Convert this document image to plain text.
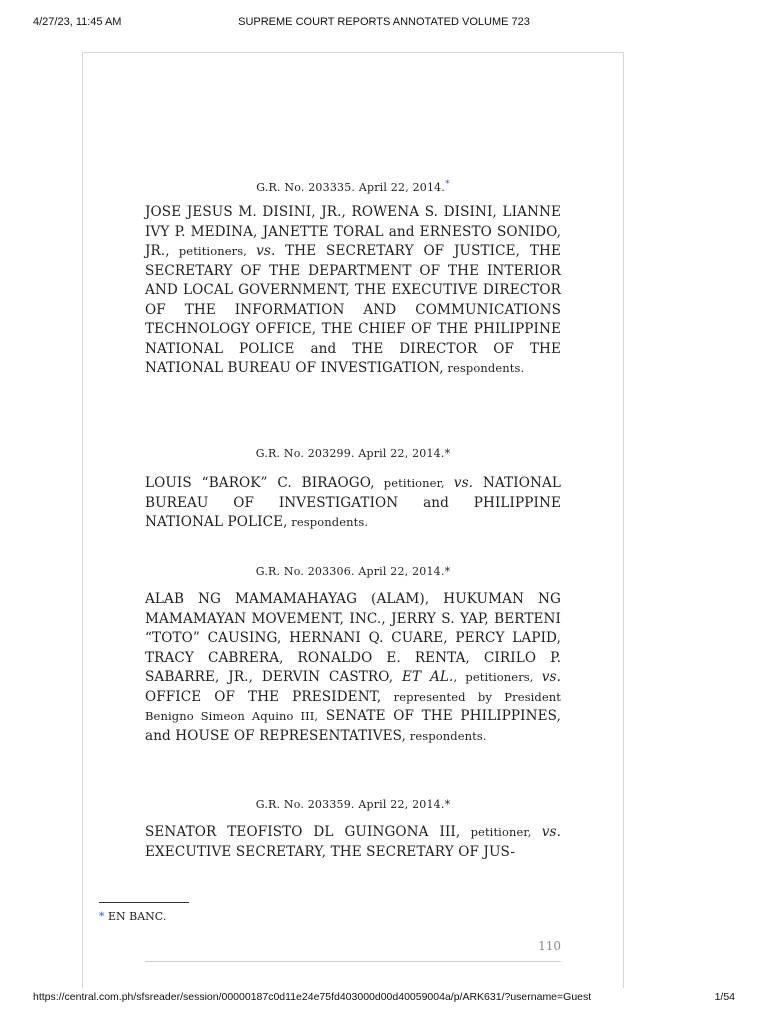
4/27/23, 11:45 AM	SUPREME COURT REPORTS ANNOTATED VOLUME 723
G.R. No. 203335. April 22, 2014.*
JOSE JESUS M. DISINI, JR., ROWENA S. DISINI, LIANNE IVY P. MEDINA, JANETTE TORAL and ERNESTO SONIDO, JR., petitioners, vs. THE SECRETARY OF JUSTICE, THE SECRETARY OF THE DEPARTMENT OF THE INTERIOR AND LOCAL GOVERNMENT, THE EXECUTIVE DIRECTOR OF THE INFORMATION AND COMMUNICATIONS TECHNOLOGY OFFICE, THE CHIEF OF THE PHILIPPINE NATIONAL POLICE and THE DIRECTOR OF THE NATIONAL BUREAU OF INVESTIGATION, respondents.
G.R. No. 203299. April 22, 2014.*
LOUIS “BAROK” C. BIRAOGO, petitioner, vs. NATIONAL BUREAU OF INVESTIGATION and PHILIPPINE NATIONAL POLICE, respondents.
G.R. No. 203306. April 22, 2014.*
ALAB NG MAMAMAHAYAG (ALAM), HUKUMAN NG MAMAMAYAN MOVEMENT, INC., JERRY S. YAP, BERTENI “TOTO” CAUSING, HERNANI Q. CUARE, PERCY LAPID, TRACY CABRERA, RONALDO E. RENTA, CIRILO P. SABARRE, JR., DERVIN CASTRO, ET AL., petitioners, vs. OFFICE OF THE PRESIDENT, represented by President Benigno Simeon Aquino III, SENATE OF THE PHILIPPINES, and HOUSE OF REPRESENTATIVES, respondents.
G.R. No. 203359. April 22, 2014.*
SENATOR TEOFISTO DL GUINGONA III, petitioner, vs. EXECUTIVE SECRETARY, THE SECRETARY OF JUS-
* EN BANC.
110
https://central.com.ph/sfsreader/session/00000187c0d11e24e75fd403000d00d40059004a/p/ARK631/?username=Guest	1/54
